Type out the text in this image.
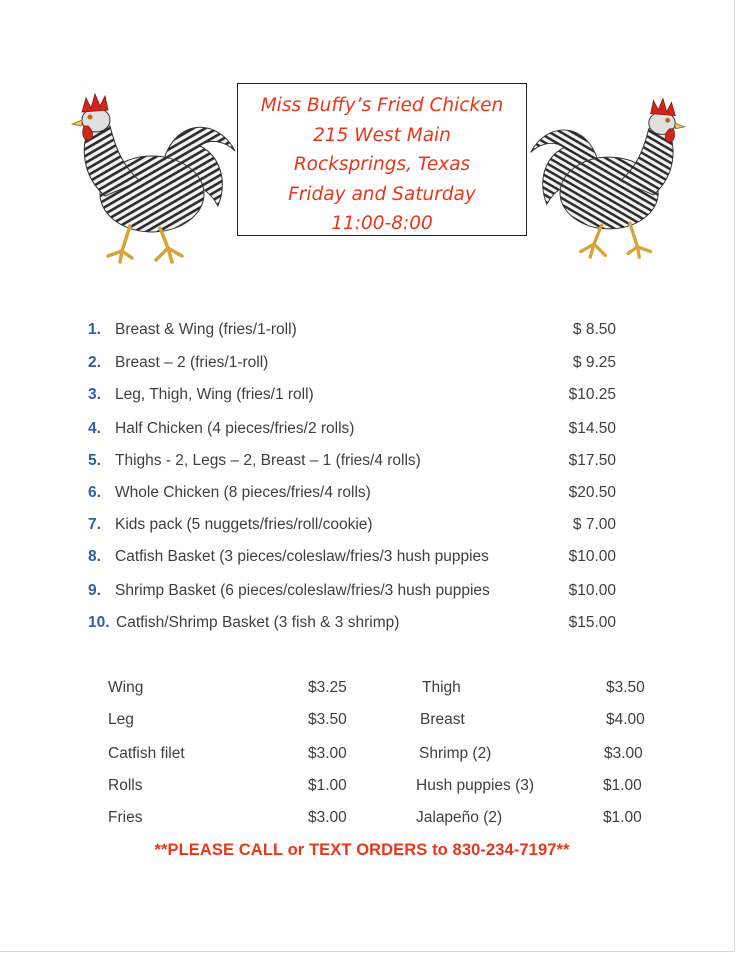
Miss Buffy’s Fried Chicken
215 West Main
Rocksprings, Texas
Friday and Saturday
11:00-8:00
1. Breast & Wing (fries/1-roll)	$ 8.50
2. Breast – 2 (fries/1-roll)	$ 9.25
3. Leg, Thigh, Wing (fries/1 roll)	$10.25
4. Half Chicken (4 pieces/fries/2 rolls)	$14.50
5. Thighs - 2, Legs – 2, Breast – 1 (fries/4 rolls)	$17.50
6. Whole Chicken (8 pieces/fries/4 rolls)	$20.50
7. Kids pack (5 nuggets/fries/roll/cookie)	$ 7.00
8. Catfish Basket (3 pieces/coleslaw/fries/3 hush puppies	$10.00
9. Shrimp Basket (6 pieces/coleslaw/fries/3 hush puppies	$10.00
10. Catfish/Shrimp Basket (3 fish & 3 shrimp)	$15.00
Wing	$3.25	Thigh	$3.50
Leg	$3.50	Breast	$4.00
Catfish filet	$3.00	Shrimp (2)	$3.00
Rolls	$1.00	Hush puppies (3)	$1.00
Fries	$3.00	Jalapeño (2)	$1.00
**PLEASE CALL or TEXT ORDERS to 830-234-7197**
